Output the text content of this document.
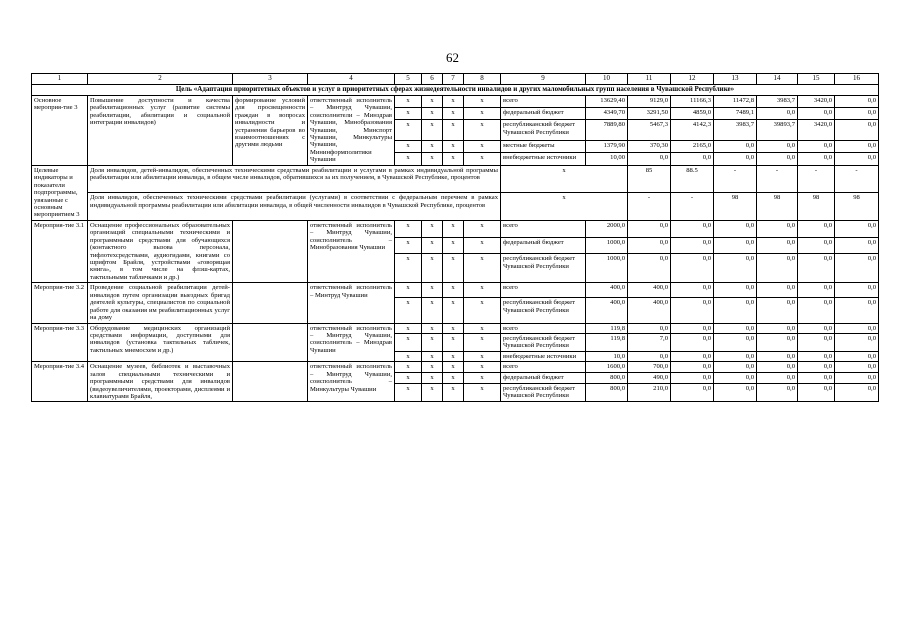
62
1	2	3	4	5	6	7	8	9	10	11	12	13	14	15	16	
Цель «Адаптация приоритетных объектов и услуг в приоритетных сферах жизнедеятельности инвалидов и других маломобильных групп населения в Чувашской Республике»																
Основное мероприя-тие 3	Повышение доступности и качества реабилитационных услуг (развитие системы реабилитации, абилитации и социальной интеграции инвалидов)	формирование условий для просвещенности граждан в вопросах инвалидности и устранения барьеров во взаимоотношениях с другими людьми	ответственный исполнитель – Минтруд Чувашии, соисполнители – Минздрав Чувашии, Минобразования Чувашии, Минспорт Чувашии, Минкультуры Чувашии, Мининформполитики Чувашии	x	x	x	x	всего	13629,40	9129,0	11166,3	11472,8	3983,7	3420,0	0,0	
				x	x	x	x	федеральный бюджет	4349,70	3291,50	4859,0	7489,1	0,0	0,0	0,0	
				x	x	x	x	республиканский бюджет Чувашской Республики	7889,80	5467,3	4142,3	3983,7	39893,7	3420,0	0,0	
				x	x	x	x	местные бюджеты	1379,90	370,30	2165,0	0,0	0,0	0,0	0,0	
				x	x	x	x	внебюджетные источники	10,00	0,0	0,0	0,0	0,0	0,0	0,0	
Целевые индикаторы и показатели подпрограммы, увязанные с основным мероприятием 3	Доля инвалидов, детей-инвалидов, обеспеченных техническими средствами реабилитации и услугами в рамках индивидуальной программы реабилитации или абилитации инвалида, в общем числе инвалидов, обратившихся за их получением, в Чувашской Республике, процентов							x		85	88.5	-	-	-	-	
	Доля инвалидов, обеспеченных техническими средствами реабилитации (услугами) в соответствии с федеральным перечнем в рамках индивидуальной программы реабилитации или абилитации инвалида, в общей численности инвалидов в Чувашской Республике, процентов							x		-	-	98	98	98	98	
Мероприя-тие 3.1	Оснащение профессиональных образовательных организаций специальными техническими и программными средствами для обучающихся (контактного вызова персонала, тифлотехсредствами, аудиогидами, книгами со шрифтом Брайля, устройствами «говорящая книга», в том числе на флэш-картах, тактильными табличками и др.)		ответственный исполнитель – Минтруд Чувашии, соисполнитель – Минобразования Чувашии	x	x	x	x	всего	2000,0	0,0	0,0	0,0	0,0	0,0	0,0	
				x	x	x	x	федеральный бюджет	1000,0	0,0	0,0	0,0	0,0	0,0	0,0	
				x	x	x	x	республиканский бюджет Чувашской Республики	1000,0	0,0	0,0	0,0	0,0	0,0	0,0	
Мероприя-тие 3.2	Проведение социальной реабилитации детей-инвалидов путем организации выездных бригад деятелей культуры, специалистов по социальной работе для оказания им реабилитационных услуг на дому		ответственный исполнитель – Минтруд Чувашии	x	x	x	x	всего	400,0	400,0	0,0	0,0	0,0	0,0	0,0	
				x	x	x	x	республиканский бюджет Чувашской Республики	400,0	400,0	0,0	0,0	0,0	0,0	0,0	
Мероприя-тие 3.3	Оборудование медицинских организаций средствами информации, доступными для инвалидов (установка тактильных табличек, тактильных мнемосхем и др.)		ответственный исполнитель – Минтруд Чувашии, соисполнитель – Минздрав Чувашии	x	x	x	x	всего	119,8	0,0	0,0	0,0	0,0	0,0	0,0	
				x	x	x	x	республиканский бюджет Чувашской Республики	119,8	7,0	0,0	0,0	0,0	0,0	0,0	
				x	x	x	x	внебюджетные источники	10,0	0,0	0,0	0,0	0,0	0,0	0,0	
Мероприя-тие 3.4	Оснащение музеев, библиотек и выставочных залов специальными техническими и программными средствами для инвалидов (видеоувеличителями, проекторами, дисплеями и клавиатурами Брайля,		ответственный исполнитель – Минтруд Чувашии, соисполнитель – Минкультуры Чувашии	x	x	x	x	всего	1600,0	700,0	0,0	0,0	0,0	0,0	0,0	
				x	x	x	x	федеральный бюджет	800,0	490,0	0,0	0,0	0,0	0,0	0,0	
				x	x	x	x	республиканский бюджет Чувашской Республики	800,0	210,0	0,0	0,0	0,0	0,0	0,0	
